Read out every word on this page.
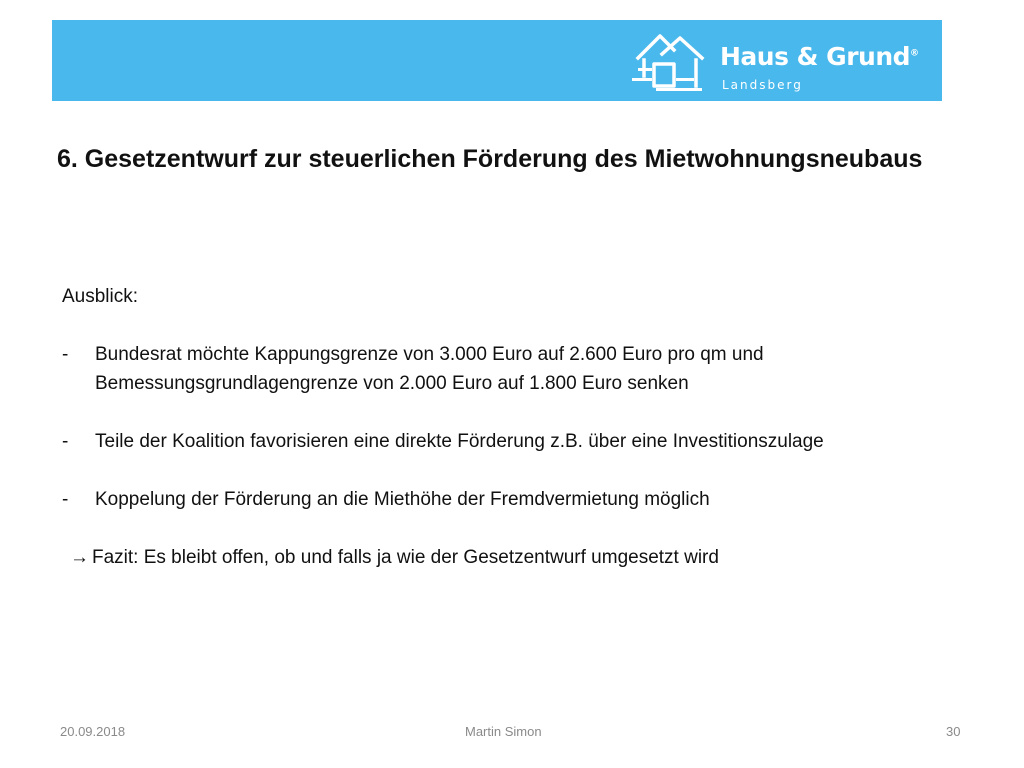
Haus & Grund®
Landsberg
6. Gesetzentwurf zur steuerlichen Förderung des Mietwohnungsneubaus

Ausblick:

- Bundesrat möchte Kappungsgrenze von 3.000 Euro auf 2.600 Euro pro qm und Bemessungsgrundlagengrenze von 2.000 Euro auf 1.800 Euro senken
- Teile der Koalition favorisieren eine direkte Förderung z.B. über eine Investitionszulage
- Koppelung der Förderung an die Miethöhe der Fremdvermietung möglich
→ Fazit: Es bleibt offen, ob und falls ja wie der Gesetzentwurf umgesetzt wird
20.09.2018	Martin Simon	30
